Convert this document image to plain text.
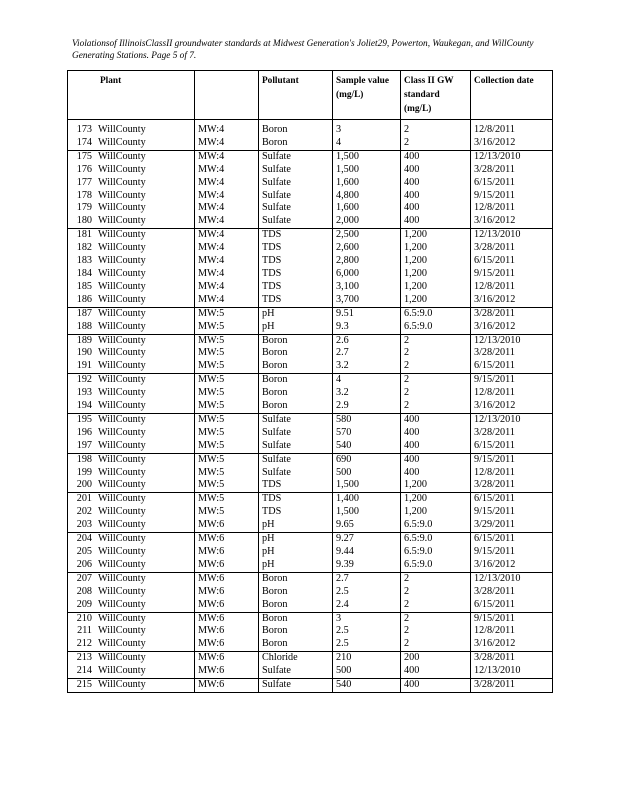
Violationsof IllinoisClassII groundwater standards at Midwest Generation's Joliet29, Powerton, Waukegan, and WillCounty Generating Stations. Page 5 of 7.
Plant		Pollutant	Sample value (mg/L)	Class II GW standard (mg/L)	Collection date
173 WillCounty	MW:4	Boron	3	2	12/8/2011
174 WillCounty	MW:4	Boron	4	2	3/16/2012
175 WillCounty	MW:4	Sulfate	1,500	400	12/13/2010
176 WillCounty	MW:4	Sulfate	1,500	400	3/28/2011
177 WillCounty	MW:4	Sulfate	1,600	400	6/15/2011
178 WillCounty	MW:4	Sulfate	4,800	400	9/15/2011
179 WillCounty	MW:4	Sulfate	1,600	400	12/8/2011
180 WillCounty	MW:4	Sulfate	2,000	400	3/16/2012
181 WillCounty	MW:4	TDS	2,500	1,200	12/13/2010
182 WillCounty	MW:4	TDS	2,600	1,200	3/28/2011
183 WillCounty	MW:4	TDS	2,800	1,200	6/15/2011
184 WillCounty	MW:4	TDS	6,000	1,200	9/15/2011
185 WillCounty	MW:4	TDS	3,100	1,200	12/8/2011
186 WillCounty	MW:4	TDS	3,700	1,200	3/16/2012
187 WillCounty	MW:5	pH	9.51	6.5:9.0	3/28/2011
188 WillCounty	MW:5	pH	9.3	6.5:9.0	3/16/2012
189 WillCounty	MW:5	Boron	2.6	2	12/13/2010
190 WillCounty	MW:5	Boron	2.7	2	3/28/2011
191 WillCounty	MW:5	Boron	3.2	2	6/15/2011
192 WillCounty	MW:5	Boron	4	2	9/15/2011
193 WillCounty	MW:5	Boron	3.2	2	12/8/2011
194 WillCounty	MW:5	Boron	2.9	2	3/16/2012
195 WillCounty	MW:5	Sulfate	580	400	12/13/2010
196 WillCounty	MW:5	Sulfate	570	400	3/28/2011
197 WillCounty	MW:5	Sulfate	540	400	6/15/2011
198 WillCounty	MW:5	Sulfate	690	400	9/15/2011
199 WillCounty	MW:5	Sulfate	500	400	12/8/2011
200 WillCounty	MW:5	TDS	1,500	1,200	3/28/2011
201 WillCounty	MW:5	TDS	1,400	1,200	6/15/2011
202 WillCounty	MW:5	TDS	1,500	1,200	9/15/2011
203 WillCounty	MW:6	pH	9.65	6.5:9.0	3/29/2011
204 WillCounty	MW:6	pH	9.27	6.5:9.0	6/15/2011
205 WillCounty	MW:6	pH	9.44	6.5:9.0	9/15/2011
206 WillCounty	MW:6	pH	9.39	6.5:9.0	3/16/2012
207 WillCounty	MW:6	Boron	2.7	2	12/13/2010
208 WillCounty	MW:6	Boron	2.5	2	3/28/2011
209 WillCounty	MW:6	Boron	2.4	2	6/15/2011
210 WillCounty	MW:6	Boron	3	2	9/15/2011
211 WillCounty	MW:6	Boron	2.5	2	12/8/2011
212 WillCounty	MW:6	Boron	2.5	2	3/16/2012
213 WillCounty	MW:6	Chloride	210	200	3/28/2011
214 WillCounty	MW:6	Sulfate	500	400	12/13/2010
215 WillCounty	MW:6	Sulfate	540	400	3/28/2011
